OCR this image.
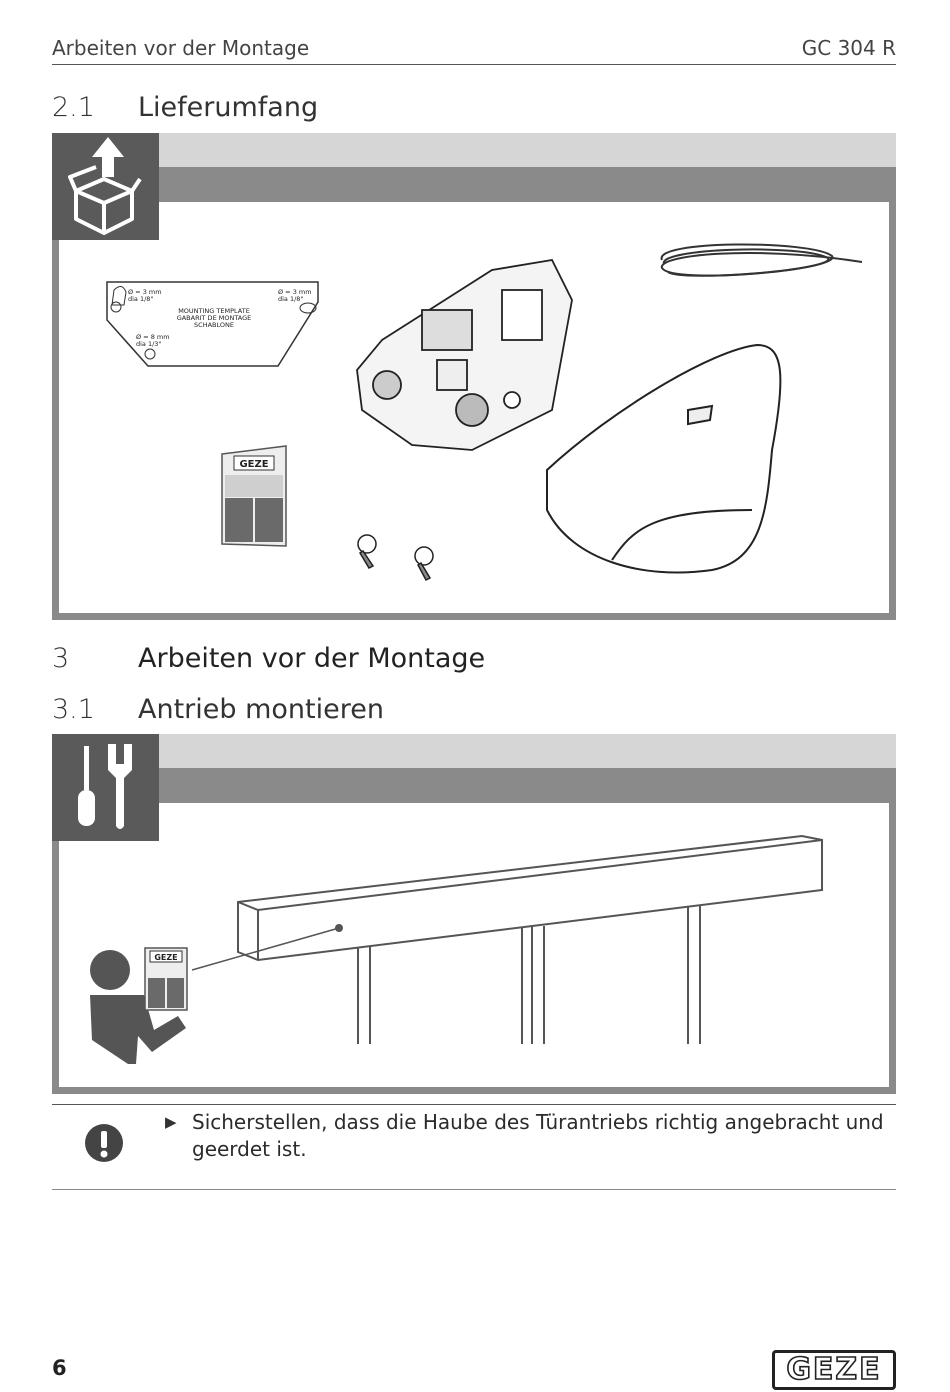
Arbeiten vor der Montage	GC 304 R
2.1 Lieferumfang
Ø = 3 mm
dia 1/8"
Ø = 3 mm
dia 1/8"
MOUNTING TEMPLATE
GABARIT DE MONTAGE
SCHABLONE
Ø = 8 mm
dia 1/3"
GEZE
3	Arbeiten vor der Montage
3.1 Antrieb montieren
GEZE
▶ Sicherstellen, dass die Haube des Türantriebs richtig angebracht und geerdet ist.
6	GEZE
